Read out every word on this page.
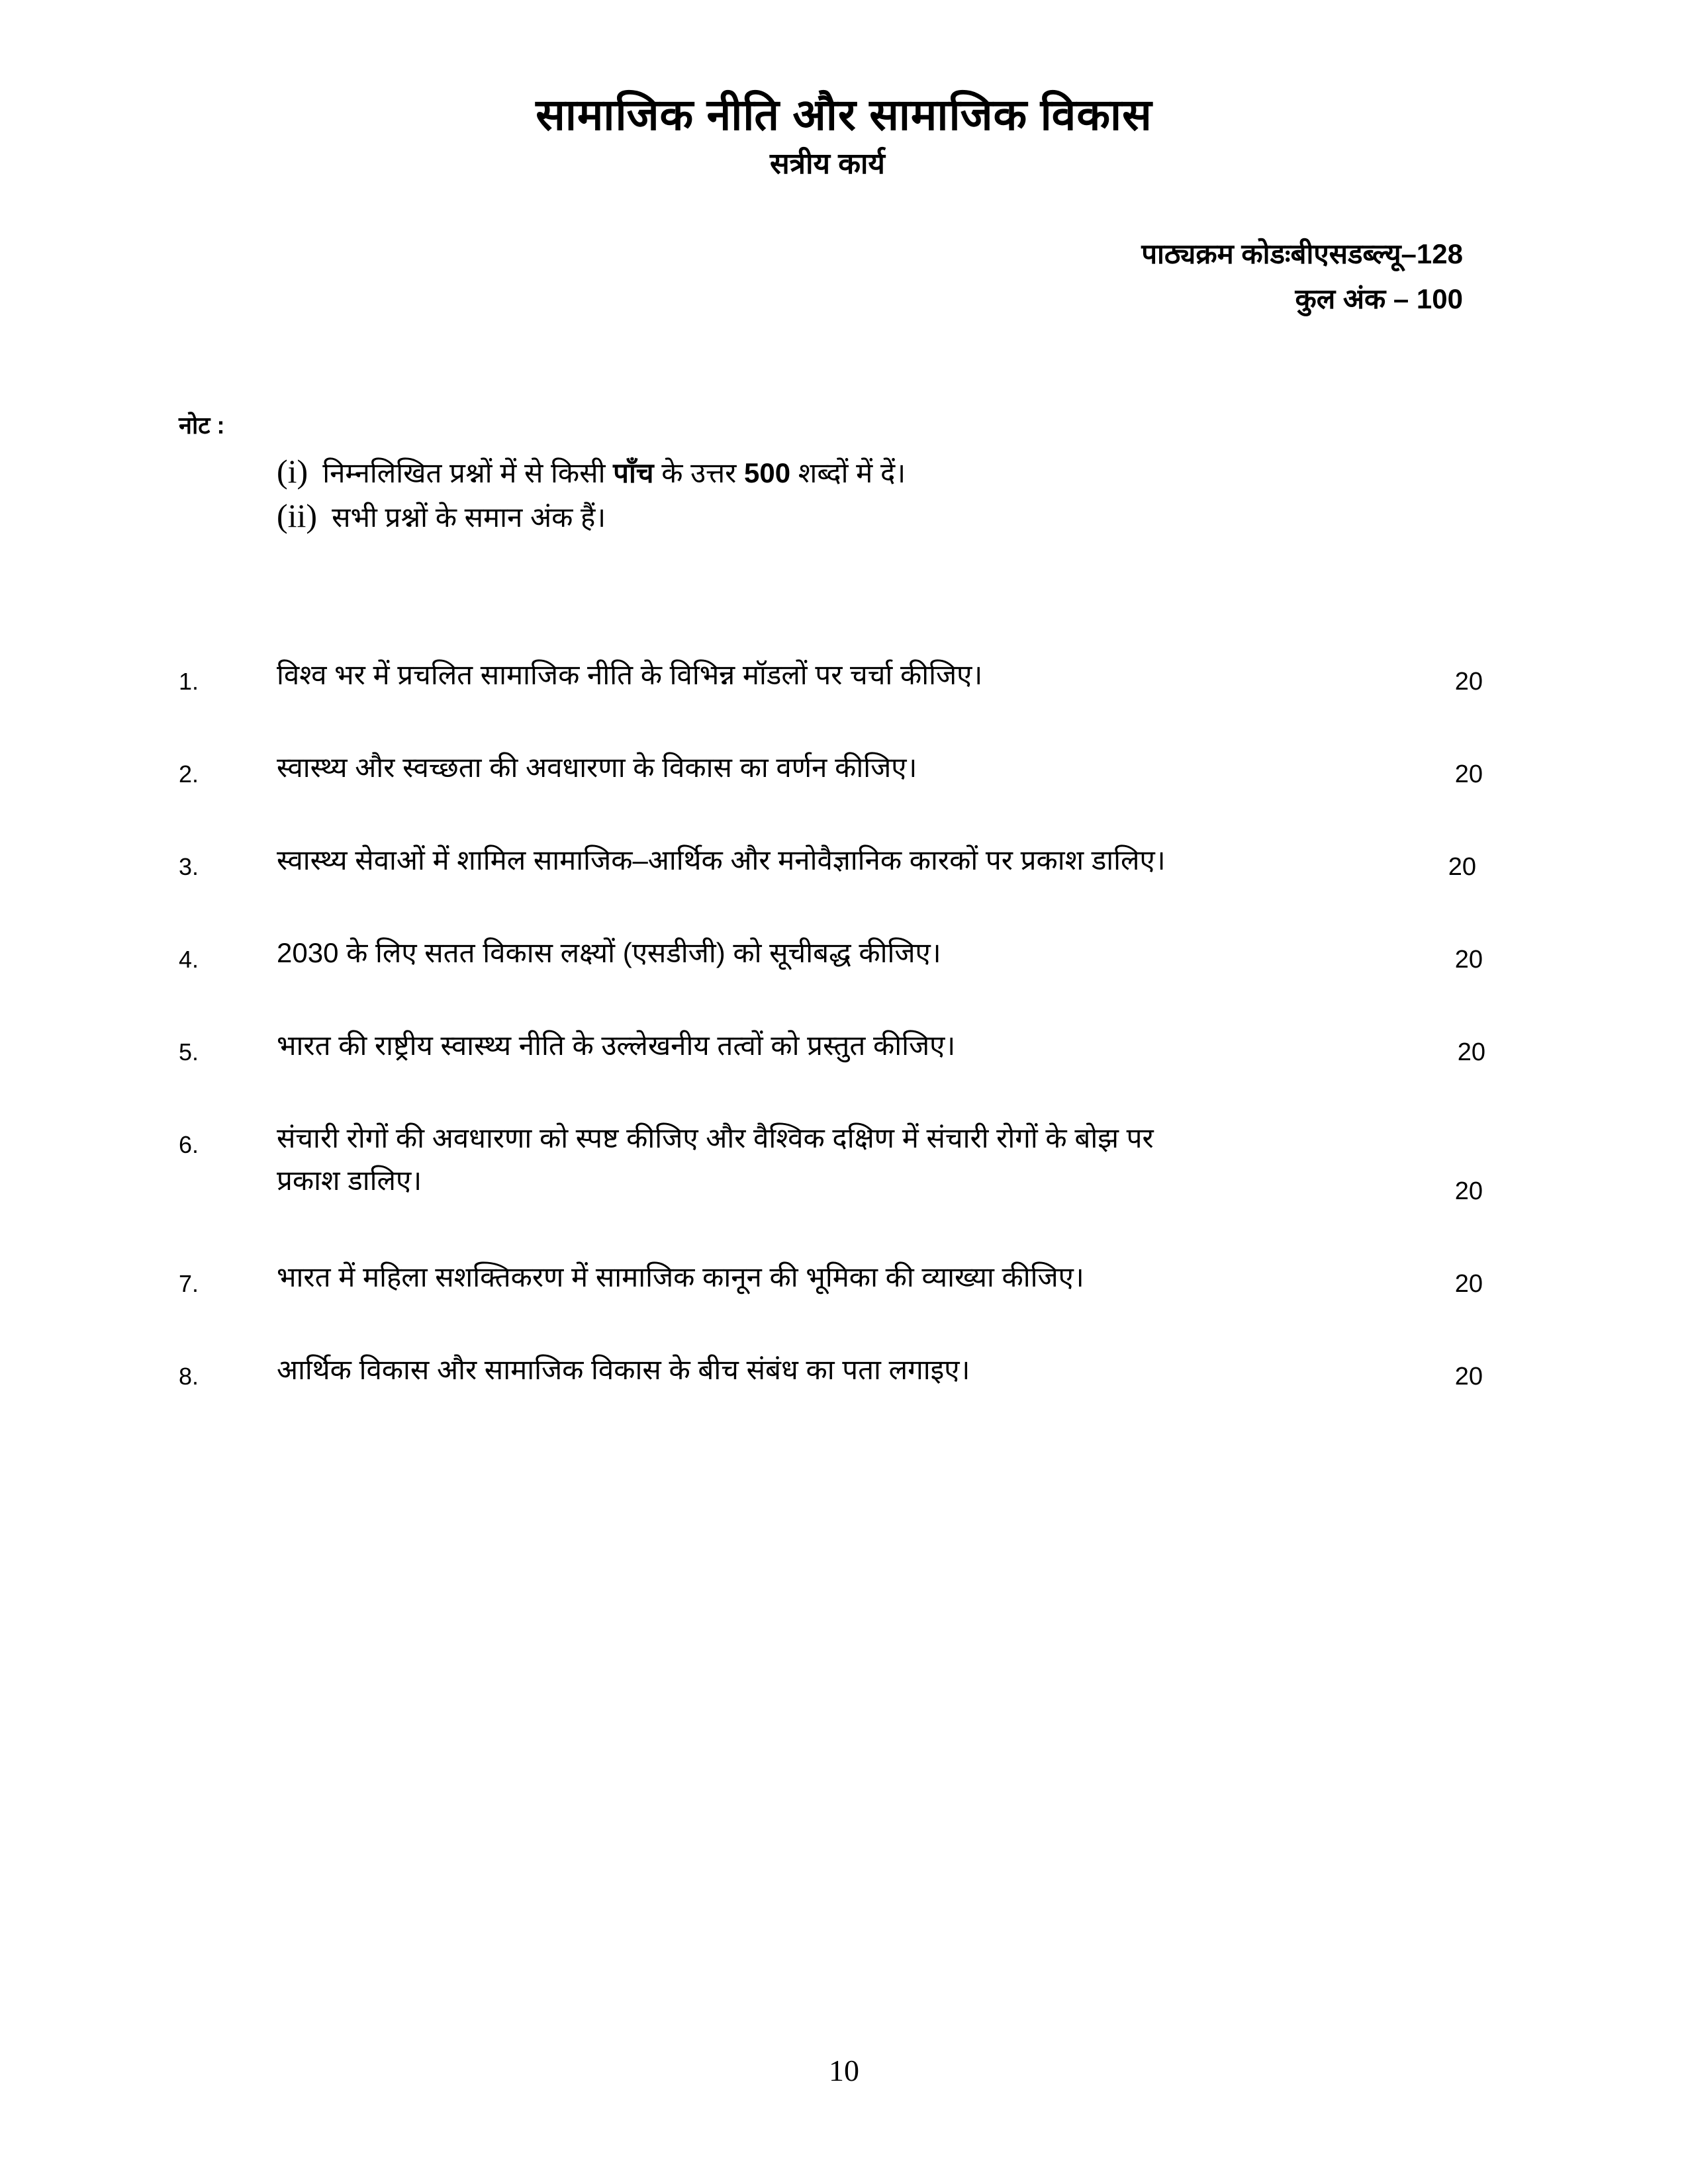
सामाजिक नीति और सामाजिक विकास
सत्रीय कार्य
पाठ्यक्रम कोडःबीएसडब्ल्यू–128
कुल अंक – 100
नोट :
(i) निम्नलिखित प्रश्नों में से किसी पाँच के उत्तर 500 शब्दों में दें।
(ii) सभी प्रश्नों के समान अंक हैं।
1.	विश्व भर में प्रचलित सामाजिक नीति के विभिन्न मॉडलों पर चर्चा कीजिए।	20
2.	स्वास्थ्य और स्वच्छता की अवधारणा के विकास का वर्णन कीजिए।	20
3.	स्वास्थ्य सेवाओं में शामिल सामाजिक–आर्थिक और मनोवैज्ञानिक कारकों पर प्रकाश डालिए।	20
4.	2030 के लिए सतत विकास लक्ष्यों (एसडीजी) को सूचीबद्ध कीजिए।	20
5.	भारत की राष्ट्रीय स्वास्थ्य नीति के उल्लेखनीय तत्वों को प्रस्तुत कीजिए।	20
6.	संचारी रोगों की अवधारणा को स्पष्ट कीजिए और वैश्विक दक्षिण में संचारी रोगों के बोझ पर
प्रकाश डालिए।	20
7.	भारत में महिला सशक्तिकरण में सामाजिक कानून की भूमिका की व्याख्या कीजिए।	20
8.	आर्थिक विकास और सामाजिक विकास के बीच संबंध का पता लगाइए।	20
10
